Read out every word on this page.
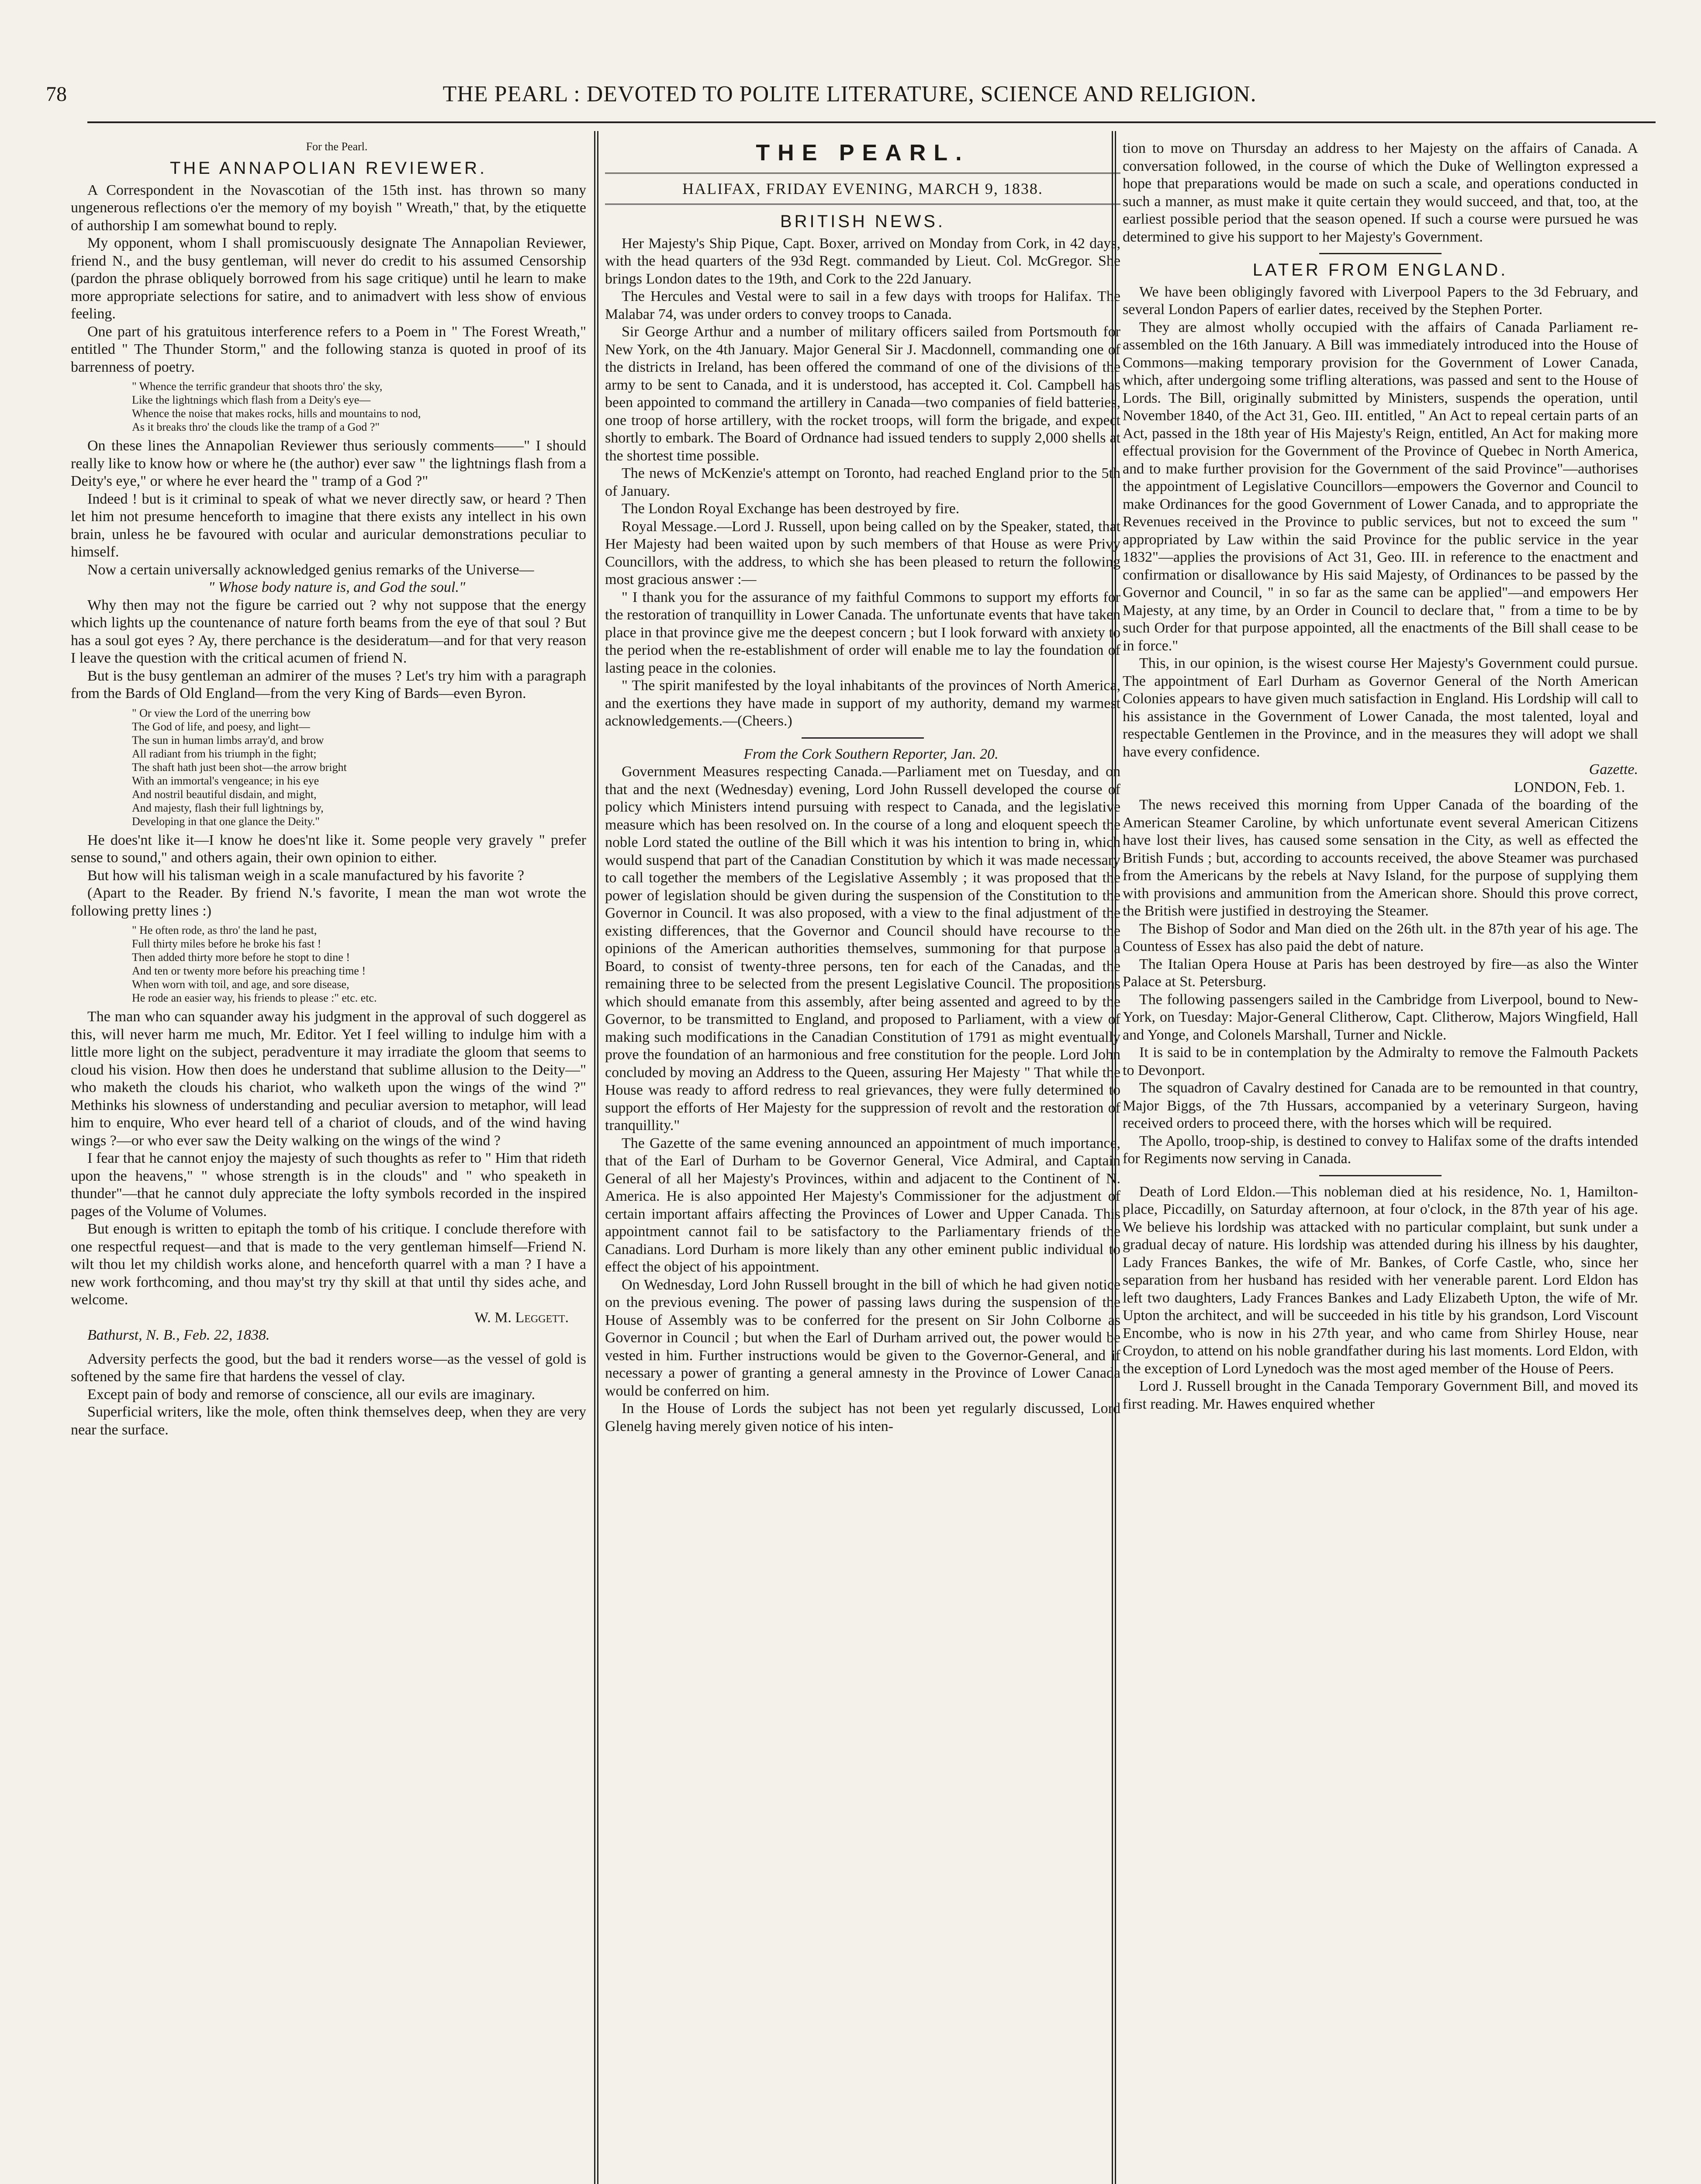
78	THE PEARL : DEVOTED TO POLITE LITERATURE, SCIENCE AND RELIGION.

For the Pearl.

THE ANNAPOLIAN REVIEWER.

A Correspondent in the Novascotian of the 15th inst. has thrown so many ungenerous reflections o'er the memory of my boyish " Wreath," that, by the etiquette of authorship I am somewhat bound to reply.

My opponent, whom I shall promiscuously designate The Annapolian Reviewer, friend N., and the busy gentleman, will never do credit to his assumed Censorship (pardon the phrase obliquely borrowed from his sage critique) until he learn to make more appropriate selections for satire, and to animadvert with less show of envious feeling.

One part of his gratuitous interference refers to a Poem in " The Forest Wreath," entitled " The Thunder Storm," and the following stanza is quoted in proof of its barrenness of poetry.

" Whence the terrific grandeur that shoots thro' the sky,
Like the lightnings which flash from a Deity's eye—
Whence the noise that makes rocks, hills and mountains to nod,
As it breaks thro' the clouds like the tramp of a God ?"

On these lines the Annapolian Reviewer thus seriously comments——" I should really like to know how or where he (the author) ever saw " the lightnings flash from a Deity's eye," or where he ever heard the " tramp of a God ?"

Indeed ! but is it criminal to speak of what we never directly saw, or heard ? Then let him not presume henceforth to imagine that there exists any intellect in his own brain, unless he be favoured with ocular and auricular demonstrations peculiar to himself.

Now a certain universally acknowledged genius remarks of the Universe—

" Whose body nature is, and God the soul."

Why then may not the figure be carried out ? why not suppose that the energy which lights up the countenance of nature forth beams from the eye of that soul ? But has a soul got eyes ? Ay, there perchance is the desideratum—and for that very reason I leave the question with the critical acumen of friend N.

But is the busy gentleman an admirer of the muses ? Let's try him with a paragraph from the Bards of Old England—from the very King of Bards—even Byron.

" Or view the Lord of the unerring bow
The God of life, and poesy, and light—
The sun in human limbs array'd, and brow
All radiant from his triumph in the fight;
The shaft hath just been shot—the arrow bright
With an immortal's vengeance; in his eye
And nostril beautiful disdain, and might,
And majesty, flash their full lightnings by,
Developing in that one glance the Deity."

He does'nt like it—I know he does'nt like it. Some people very gravely " prefer sense to sound," and others again, their own opinion to either.

But how will his talisman weigh in a scale manufactured by his favorite ?

(Apart to the Reader. By friend N.'s favorite, I mean the man wot wrote the following pretty lines :)

" He often rode, as thro' the land he past,
Full thirty miles before he broke his fast !
Then added thirty more before he stopt to dine !
And ten or twenty more before his preaching time !
When worn with toil, and age, and sore disease,
He rode an easier way, his friends to please :" etc. etc.

The man who can squander away his judgment in the approval of such doggerel as this, will never harm me much, Mr. Editor. Yet I feel willing to indulge him with a little more light on the subject, peradventure it may irradiate the gloom that seems to cloud his vision. How then does he understand that sublime allusion to the Deity—" who maketh the clouds his chariot, who walketh upon the wings of the wind ?" Methinks his slowness of understanding and peculiar aversion to metaphor, will lead him to enquire, Who ever heard tell of a chariot of clouds, and of the wind having wings ?—or who ever saw the Deity walking on the wings of the wind ?

I fear that he cannot enjoy the majesty of such thoughts as refer to " Him that rideth upon the heavens," " whose strength is in the clouds" and " who speaketh in thunder"—that he cannot duly appreciate the lofty symbols recorded in the inspired pages of the Volume of Volumes.

But enough is written to epitaph the tomb of his critique. I conclude therefore with one respectful request—and that is made to the very gentleman himself—Friend N. wilt thou let my childish works alone, and henceforth quarrel with a man ? I have a new work forthcoming, and thou may'st try thy skill at that until thy sides ache, and welcome.

W. M. Leggett.

Bathurst, N. B., Feb. 22, 1838.

Adversity perfects the good, but the bad it renders worse—as the vessel of gold is softened by the same fire that hardens the vessel of clay.

Except pain of body and remorse of conscience, all our evils are imaginary.

Superficial writers, like the mole, often think themselves deep, when they are very near the surface.

THE PEARL.
HALIFAX, FRIDAY EVENING, MARCH 9, 1838.
BRITISH NEWS.

Her Majesty's Ship Pique, Capt. Boxer, arrived on Monday from Cork, in 42 days, with the head quarters of the 93d Regt. commanded by Lieut. Col. McGregor. She brings London dates to the 19th, and Cork to the 22d January.

The Hercules and Vestal were to sail in a few days with troops for Halifax. The Malabar 74, was under orders to convey troops to Canada.

Sir George Arthur and a number of military officers sailed from Portsmouth for New York, on the 4th January. Major General Sir J. Macdonnell, commanding one of the districts in Ireland, has been offered the command of one of the divisions of the army to be sent to Canada, and it is understood, has accepted it. Col. Campbell has been appointed to command the artillery in Canada—two companies of field batteries, one troop of horse artillery, with the rocket troops, will form the brigade, and expect shortly to embark. The Board of Ordnance had issued tenders to supply 2,000 shells at the shortest time possible.

The news of McKenzie's attempt on Toronto, had reached England prior to the 5th of January.

The London Royal Exchange has been destroyed by fire.

Royal Message.—Lord J. Russell, upon being called on by the Speaker, stated, that Her Majesty had been waited upon by such members of that House as were Privy Councillors, with the address, to which she has been pleased to return the following most gracious answer :—

" I thank you for the assurance of my faithful Commons to support my efforts for the restoration of tranquillity in Lower Canada. The unfortunate events that have taken place in that province give me the deepest concern ; but I look forward with anxiety to the period when the re-establishment of order will enable me to lay the foundation of lasting peace in the colonies.

" The spirit manifested by the loyal inhabitants of the provinces of North America, and the exertions they have made in support of my authority, demand my warmest acknowledgements.—(Cheers.)

From the Cork Southern Reporter, Jan. 20.

Government Measures respecting Canada.—Parliament met on Tuesday, and on that and the next (Wednesday) evening, Lord John Russell developed the course of policy which Ministers intend pursuing with respect to Canada, and the legislative measure which has been resolved on. In the course of a long and eloquent speech the noble Lord stated the outline of the Bill which it was his intention to bring in, which would suspend that part of the Canadian Constitution by which it was made necessary to call together the members of the Legislative Assembly ; it was proposed that the power of legislation should be given during the suspension of the Constitution to the Governor in Council. It was also proposed, with a view to the final adjustment of the existing differences, that the Governor and Council should have recourse to the opinions of the American authorities themselves, summoning for that purpose a Board, to consist of twenty-three persons, ten for each of the Canadas, and the remaining three to be selected from the present Legislative Council. The propositions which should emanate from this assembly, after being assented and agreed to by the Governor, to be transmitted to England, and proposed to Parliament, with a view of making such modifications in the Canadian Constitution of 1791 as might eventually prove the foundation of an harmonious and free constitution for the people. Lord John concluded by moving an Address to the Queen, assuring Her Majesty " That while the House was ready to afford redress to real grievances, they were fully determined to support the efforts of Her Majesty for the suppression of revolt and the restoration of tranquillity."

The Gazette of the same evening announced an appointment of much importance, that of the Earl of Durham to be Governor General, Vice Admiral, and Captain General of all her Majesty's Provinces, within and adjacent to the Continent of N. America. He is also appointed Her Majesty's Commissioner for the adjustment of certain important affairs affecting the Provinces of Lower and Upper Canada. This appointment cannot fail to be satisfactory to the Parliamentary friends of the Canadians. Lord Durham is more likely than any other eminent public individual to effect the object of his appointment.

On Wednesday, Lord John Russell brought in the bill of which he had given notice on the previous evening. The power of passing laws during the suspension of the House of Assembly was to be conferred for the present on Sir John Colborne as Governor in Council ; but when the Earl of Durham arrived out, the power would be vested in him. Further instructions would be given to the Governor-General, and if necessary a power of granting a general amnesty in the Province of Lower Canada would be conferred on him.

In the House of Lords the subject has not been yet regularly discussed, Lord Glenelg having merely given notice of his inten-

tion to move on Thursday an address to her Majesty on the affairs of Canada. A conversation followed, in the course of which the Duke of Wellington expressed a hope that preparations would be made on such a scale, and operations conducted in such a manner, as must make it quite certain they would succeed, and that, too, at the earliest possible period that the season opened. If such a course were pursued he was determined to give his support to her Majesty's Government.

LATER FROM ENGLAND.

We have been obligingly favored with Liverpool Papers to the 3d February, and several London Papers of earlier dates, received by the Stephen Porter.

They are almost wholly occupied with the affairs of Canada Parliament re-assembled on the 16th January. A Bill was immediately introduced into the House of Commons—making temporary provision for the Government of Lower Canada, which, after undergoing some trifling alterations, was passed and sent to the House of Lords. The Bill, originally submitted by Ministers, suspends the operation, until November 1840, of the Act 31, Geo. III. entitled, " An Act to repeal certain parts of an Act, passed in the 18th year of His Majesty's Reign, entitled, An Act for making more effectual provision for the Government of the Province of Quebec in North America, and to make further provision for the Government of the said Province"—authorises the appointment of Legislative Councillors—empowers the Governor and Council to make Ordinances for the good Government of Lower Canada, and to appropriate the Revenues received in the Province to public services, but not to exceed the sum " appropriated by Law within the said Province for the public service in the year 1832"—applies the provisions of Act 31, Geo. III. in reference to the enactment and confirmation or disallowance by His said Majesty, of Ordinances to be passed by the Governor and Council, " in so far as the same can be applied"—and empowers Her Majesty, at any time, by an Order in Council to declare that, " from a time to be by such Order for that purpose appointed, all the enactments of the Bill shall cease to be in force."

This, in our opinion, is the wisest course Her Majesty's Government could pursue. The appointment of Earl Durham as Governor General of the North American Colonies appears to have given much satisfaction in England. His Lordship will call to his assistance in the Government of Lower Canada, the most talented, loyal and respectable Gentlemen in the Province, and in the measures they will adopt we shall have every confidence.

Gazette.

LONDON, Feb. 1.

The news received this morning from Upper Canada of the boarding of the American Steamer Caroline, by which unfortunate event several American Citizens have lost their lives, has caused some sensation in the City, as well as effected the British Funds ; but, according to accounts received, the above Steamer was purchased from the Americans by the rebels at Navy Island, for the purpose of supplying them with provisions and ammunition from the American shore. Should this prove correct, the British were justified in destroying the Steamer.

The Bishop of Sodor and Man died on the 26th ult. in the 87th year of his age. The Countess of Essex has also paid the debt of nature.

The Italian Opera House at Paris has been destroyed by fire—as also the Winter Palace at St. Petersburg.

The following passengers sailed in the Cambridge from Liverpool, bound to New-York, on Tuesday: Major-General Clitherow, Capt. Clitherow, Majors Wingfield, Hall and Yonge, and Colonels Marshall, Turner and Nickle.

It is said to be in contemplation by the Admiralty to remove the Falmouth Packets to Devonport.

The squadron of Cavalry destined for Canada are to be remounted in that country, Major Biggs, of the 7th Hussars, accompanied by a veterinary Surgeon, having received orders to proceed there, with the horses which will be required.

The Apollo, troop-ship, is destined to convey to Halifax some of the drafts intended for Regiments now serving in Canada.

Death of Lord Eldon.—This nobleman died at his residence, No. 1, Hamilton-place, Piccadilly, on Saturday afternoon, at four o'clock, in the 87th year of his age. We believe his lordship was attacked with no particular complaint, but sunk under a gradual decay of nature. His lordship was attended during his illness by his daughter, Lady Frances Bankes, the wife of Mr. Bankes, of Corfe Castle, who, since her separation from her husband has resided with her venerable parent. Lord Eldon has left two daughters, Lady Frances Bankes and Lady Elizabeth Upton, the wife of Mr. Upton the architect, and will be succeeded in his title by his grandson, Lord Viscount Encombe, who is now in his 27th year, and who came from Shirley House, near Croydon, to attend on his noble grandfather during his last moments. Lord Eldon, with the exception of Lord Lynedoch was the most aged member of the House of Peers.

Lord J. Russell brought in the Canada Temporary Government Bill, and moved its first reading. Mr. Hawes enquired whether
